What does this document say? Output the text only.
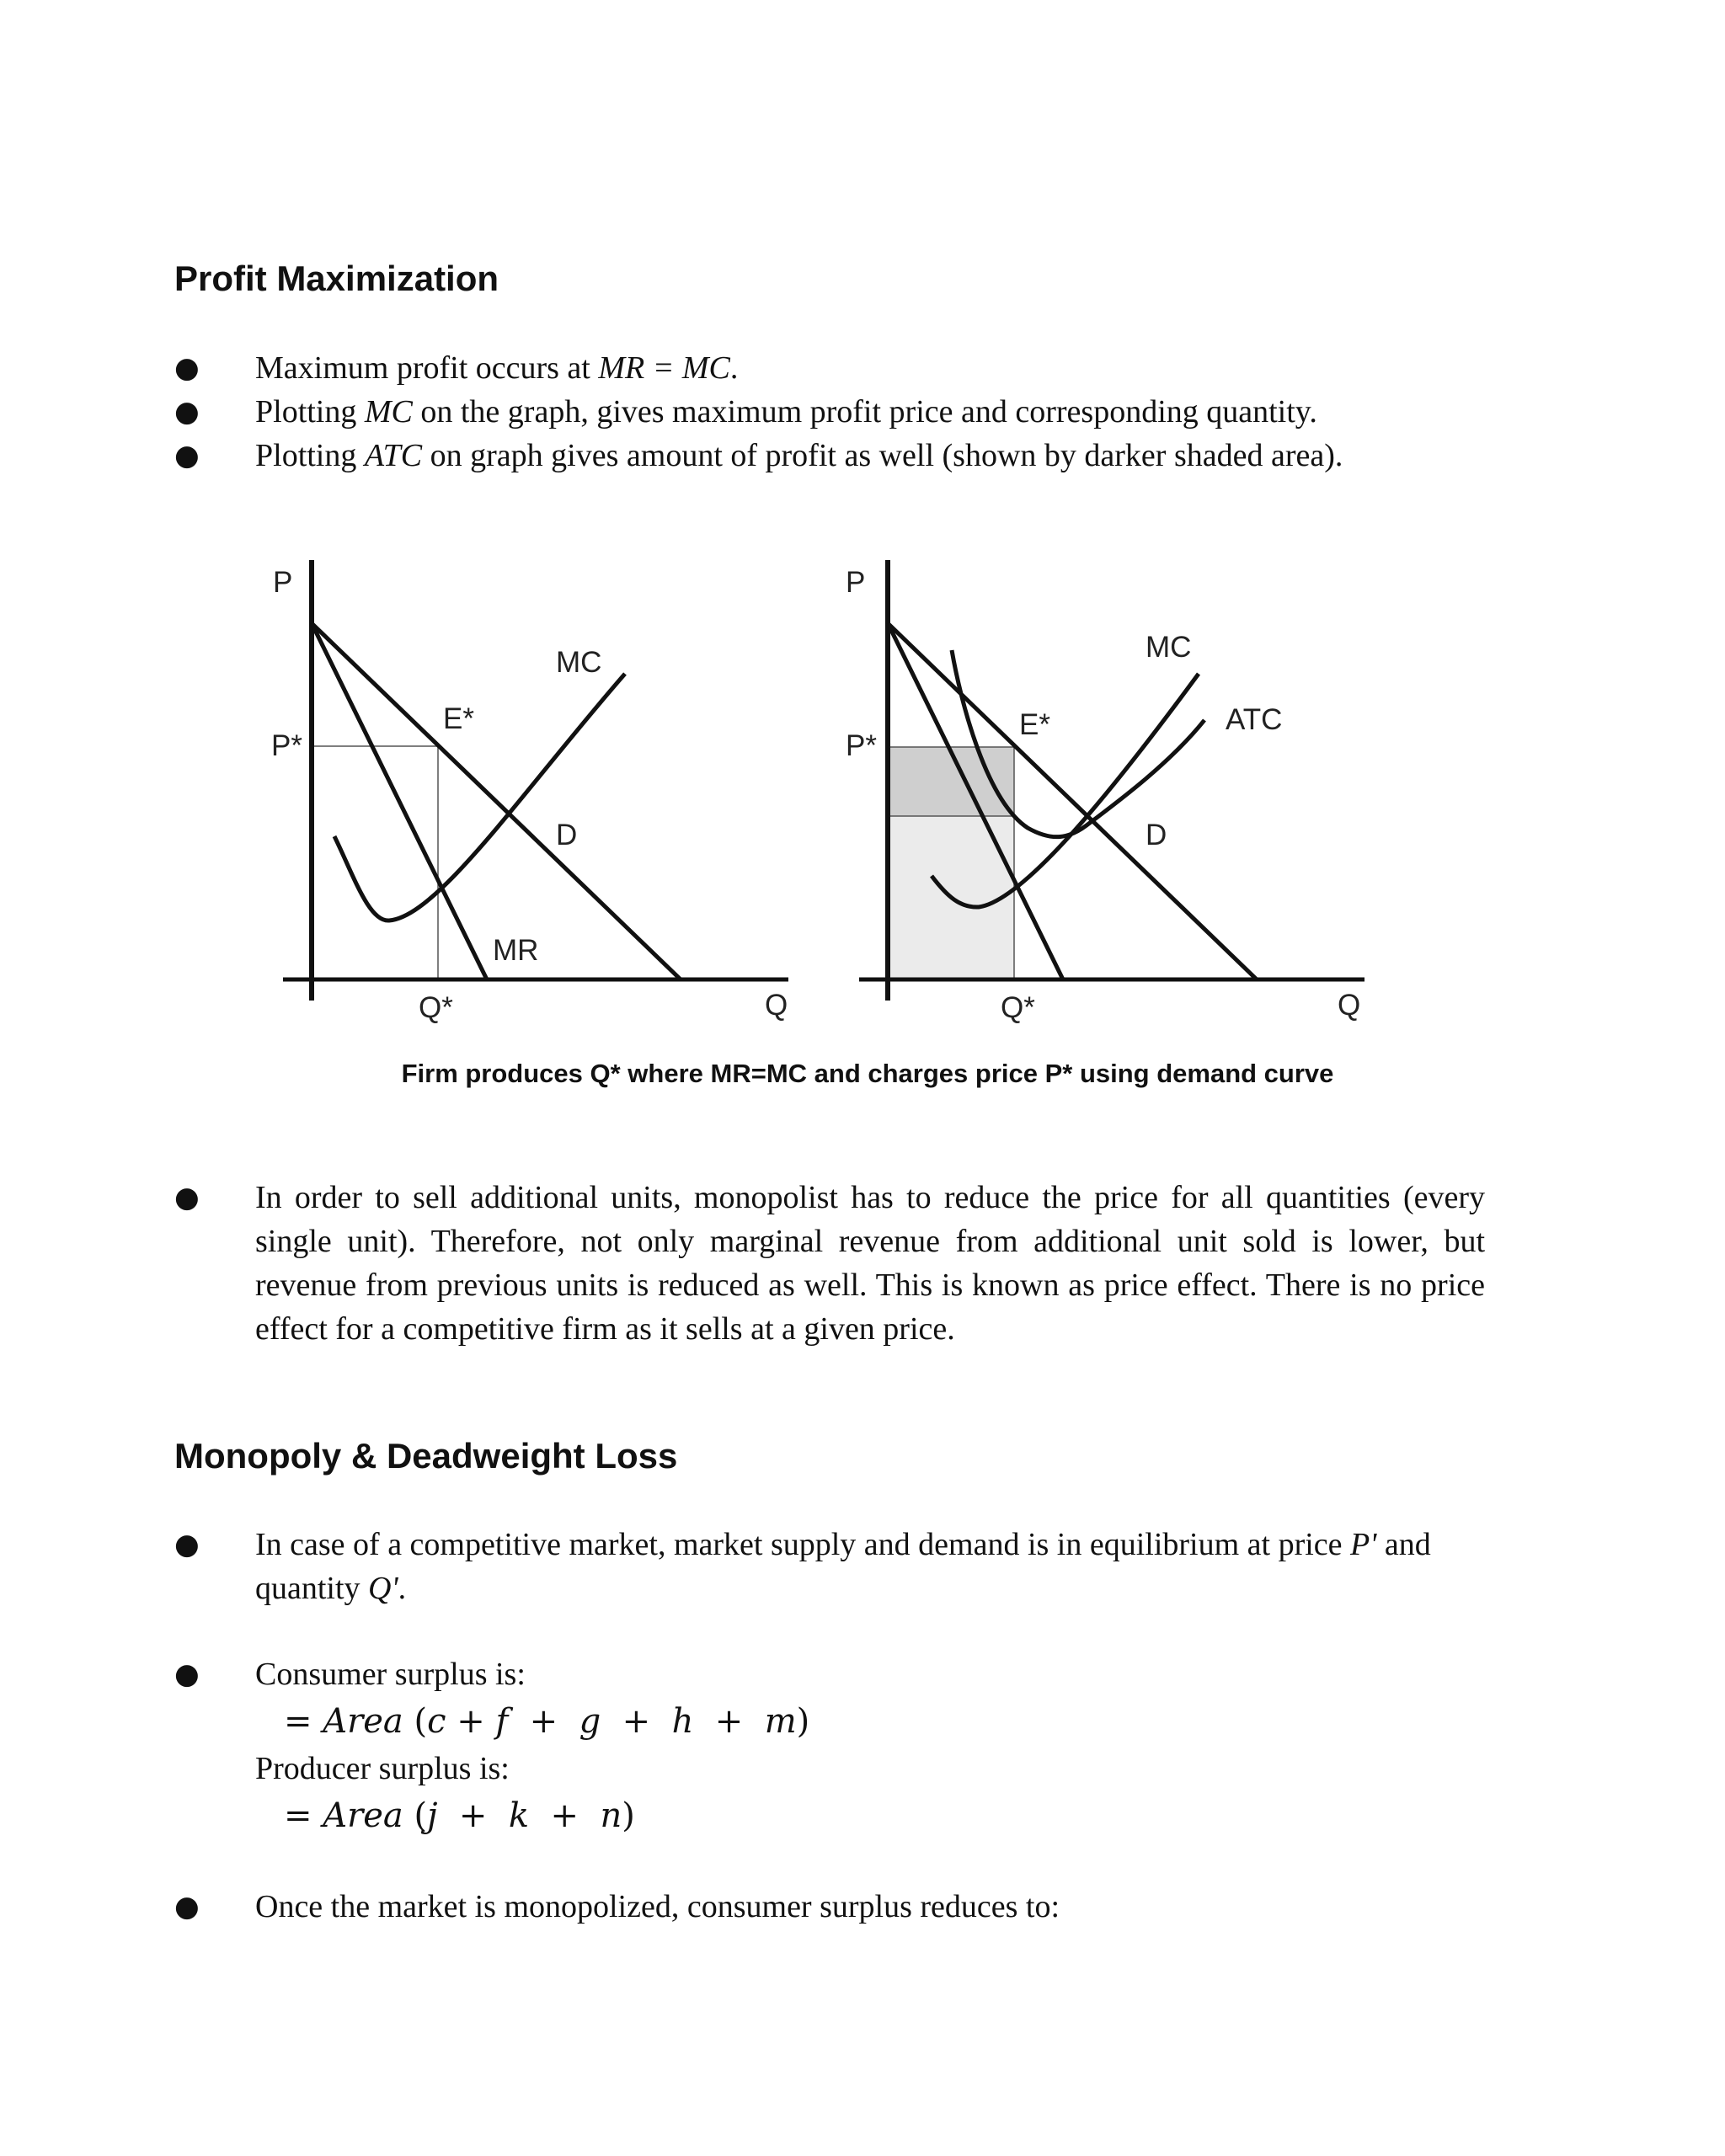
Profit Maximization
● Maximum profit occurs at MR = MC.

● Plotting MC on the graph, gives maximum profit price and corresponding quantity.

● Plotting ATC on graph gives amount of profit as well (shown by darker shaded area).

P
P*
Q*	Q
E*
MC
D
MR
P
P*
Q*	Q
E*
MC
ATC
D

Firm produces Q* where MR=MC and charges price P* using demand curve

● In order to sell additional units, monopolist has to reduce the price for all quantities (every single unit). Therefore, not only marginal revenue from additional unit sold is lower, but revenue from previous units is reduced as well. This is known as price effect. There is no price effect for a competitive firm as it sells at a given price.

Monopoly & Deadweight Loss
● In case of a competitive market, market supply and demand is in equilibrium at price P' and quantity Q'.

● Consumer surplus is:

= Area (c + f  +  g  +  h  +  m)

Producer surplus is:

= Area (j  +  k  +  n)

● Once the market is monopolized, consumer surplus reduces to:
